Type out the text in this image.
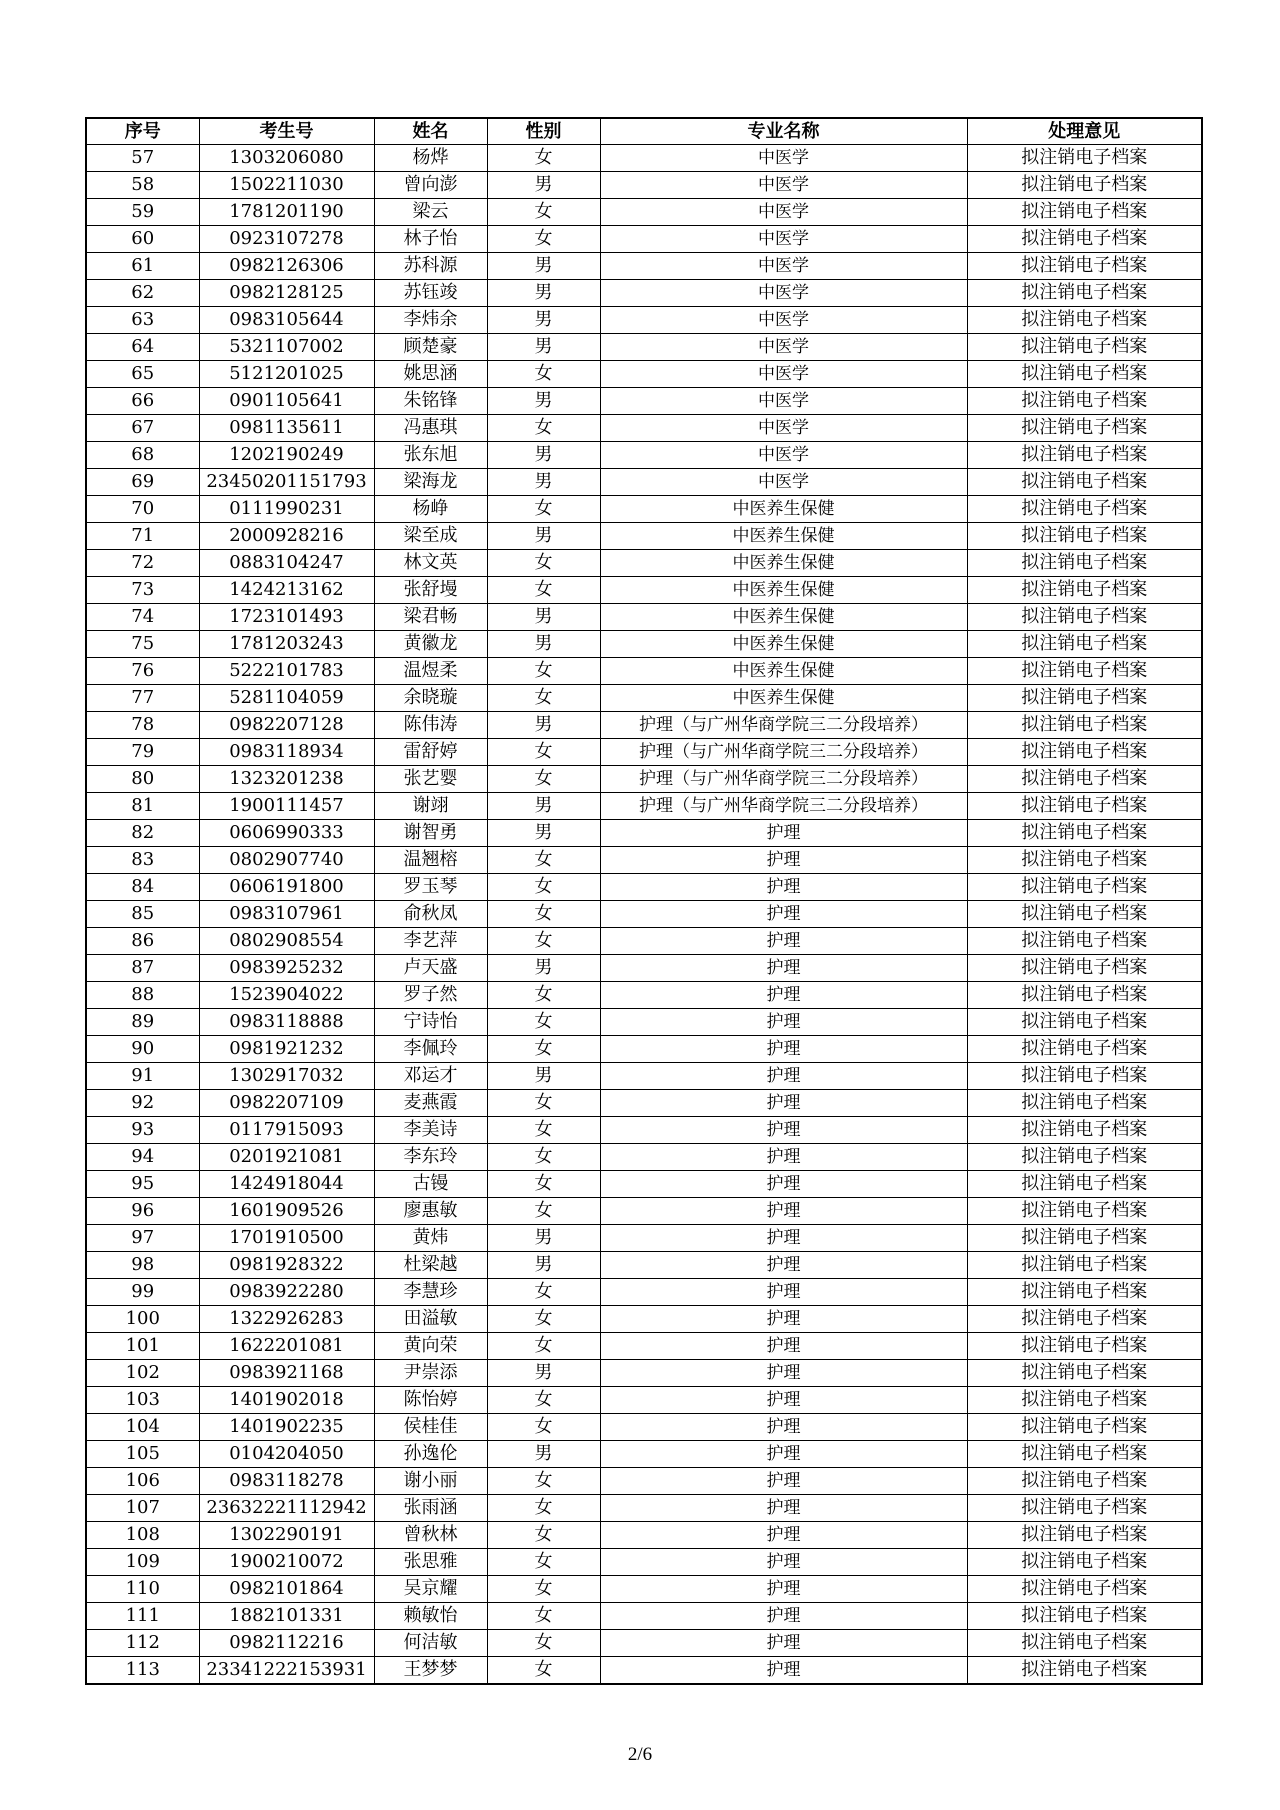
序号	考生号	姓名	性别	专业名称	处理意见
57	1303206080	杨烨	女	中医学	拟注销电子档案
58	1502211030	曾向澎	男	中医学	拟注销电子档案
59	1781201190	梁云	女	中医学	拟注销电子档案
60	0923107278	林子怡	女	中医学	拟注销电子档案
61	0982126306	苏科源	男	中医学	拟注销电子档案
62	0982128125	苏钰竣	男	中医学	拟注销电子档案
63	0983105644	李炜余	男	中医学	拟注销电子档案
64	5321107002	顾楚豪	男	中医学	拟注销电子档案
65	5121201025	姚思涵	女	中医学	拟注销电子档案
66	0901105641	朱铭锋	男	中医学	拟注销电子档案
67	0981135611	冯惠琪	女	中医学	拟注销电子档案
68	1202190249	张东旭	男	中医学	拟注销电子档案
69	23450201151793	梁海龙	男	中医学	拟注销电子档案
70	0111990231	杨峥	女	中医养生保健	拟注销电子档案
71	2000928216	梁至成	男	中医养生保健	拟注销电子档案
72	0883104247	林文英	女	中医养生保健	拟注销电子档案
73	1424213162	张舒墁	女	中医养生保健	拟注销电子档案
74	1723101493	梁君畅	男	中医养生保健	拟注销电子档案
75	1781203243	黄徽龙	男	中医养生保健	拟注销电子档案
76	5222101783	温煜柔	女	中医养生保健	拟注销电子档案
77	5281104059	余晓璇	女	中医养生保健	拟注销电子档案
78	0982207128	陈伟涛	男	护理（与广州华商学院三二分段培养）	拟注销电子档案
79	0983118934	雷舒婷	女	护理（与广州华商学院三二分段培养）	拟注销电子档案
80	1323201238	张艺婴	女	护理（与广州华商学院三二分段培养）	拟注销电子档案
81	1900111457	谢翊	男	护理（与广州华商学院三二分段培养）	拟注销电子档案
82	0606990333	谢智勇	男	护理	拟注销电子档案
83	0802907740	温翘榕	女	护理	拟注销电子档案
84	0606191800	罗玉琴	女	护理	拟注销电子档案
85	0983107961	俞秋凤	女	护理	拟注销电子档案
86	0802908554	李艺萍	女	护理	拟注销电子档案
87	0983925232	卢天盛	男	护理	拟注销电子档案
88	1523904022	罗子然	女	护理	拟注销电子档案
89	0983118888	宁诗怡	女	护理	拟注销电子档案
90	0981921232	李佩玲	女	护理	拟注销电子档案
91	1302917032	邓运才	男	护理	拟注销电子档案
92	0982207109	麦燕霞	女	护理	拟注销电子档案
93	0117915093	李美诗	女	护理	拟注销电子档案
94	0201921081	李东玲	女	护理	拟注销电子档案
95	1424918044	古镘	女	护理	拟注销电子档案
96	1601909526	廖惠敏	女	护理	拟注销电子档案
97	1701910500	黄炜	男	护理	拟注销电子档案
98	0981928322	杜梁越	男	护理	拟注销电子档案
99	0983922280	李慧珍	女	护理	拟注销电子档案
100	1322926283	田溢敏	女	护理	拟注销电子档案
101	1622201081	黄向荣	女	护理	拟注销电子档案
102	0983921168	尹崇添	男	护理	拟注销电子档案
103	1401902018	陈怡婷	女	护理	拟注销电子档案
104	1401902235	侯桂佳	女	护理	拟注销电子档案
105	0104204050	孙逸伦	男	护理	拟注销电子档案
106	0983118278	谢小丽	女	护理	拟注销电子档案
107	23632221112942	张雨涵	女	护理	拟注销电子档案
108	1302290191	曾秋林	女	护理	拟注销电子档案
109	1900210072	张思雅	女	护理	拟注销电子档案
110	0982101864	吴京耀	女	护理	拟注销电子档案
111	1882101331	赖敏怡	女	护理	拟注销电子档案
112	0982112216	何洁敏	女	护理	拟注销电子档案
113	23341222153931	王梦梦	女	护理	拟注销电子档案
2/6
